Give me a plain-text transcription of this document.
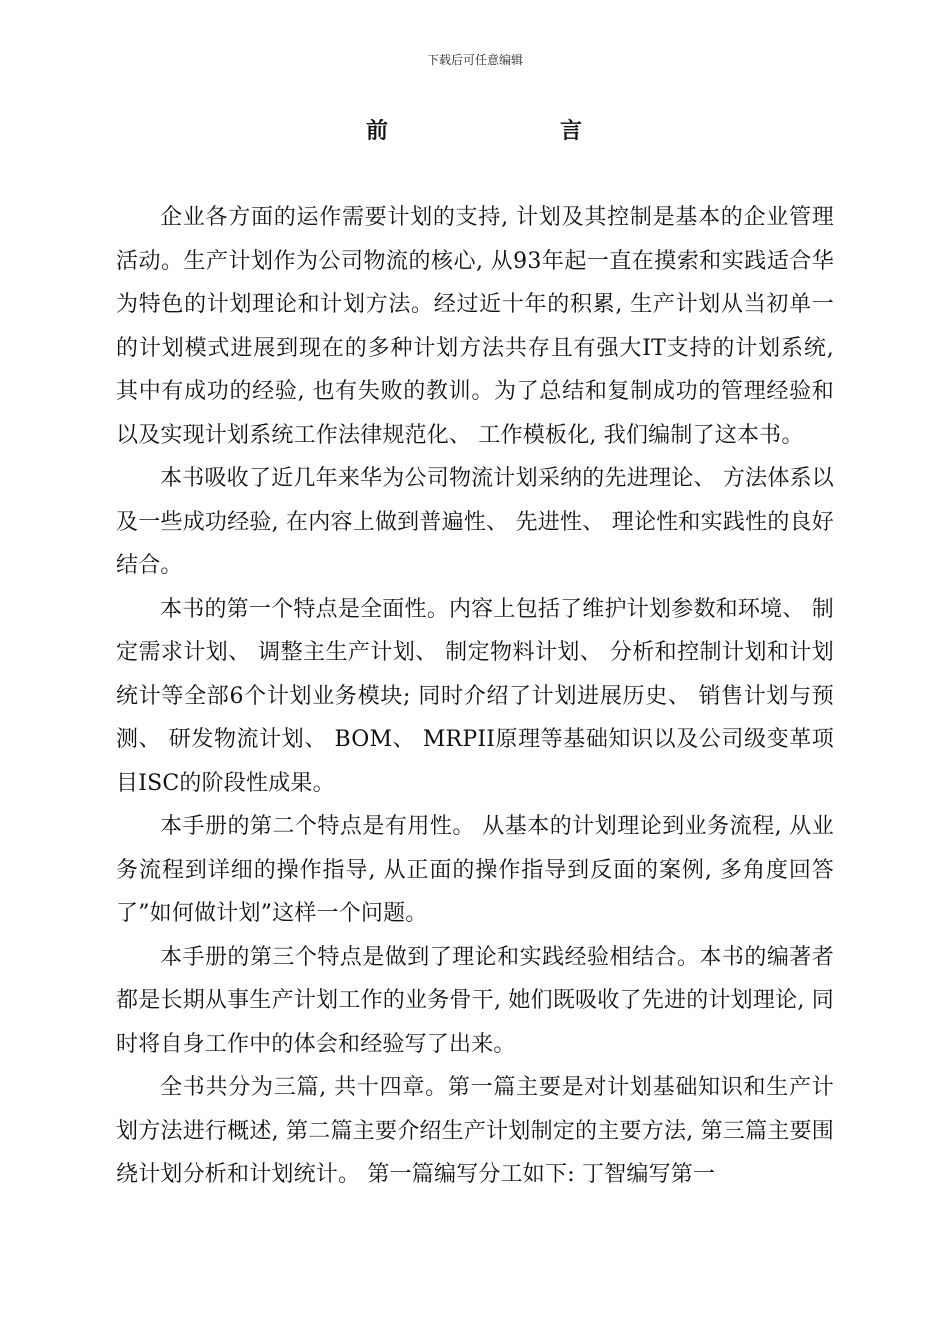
下载后可任意编辑
前	言

企业各方面的运作需要计划的支持, 计划及其控制是基本的企业管理活动。生产计划作为公司物流的核心, 从93年起一直在摸索和实践适合华为特色的计划理论和计划方法。经过近十年的积累, 生产计划从当初单一的计划模式进展到现在的多种计划方法共存且有强大IT支持的计划系统, 其中有成功的经验, 也有失败的教训。为了总结和复制成功的管理经验和以及实现计划系统工作法律规范化、 工作模板化, 我们编制了这本书。

本书吸收了近几年来华为公司物流计划采纳的先进理论、 方法体系以及一些成功经验, 在内容上做到普遍性、 先进性、 理论性和实践性的良好结合。

本书的第一个特点是全面性。内容上包括了维护计划参数和环境、 制定需求计划、 调整主生产计划、 制定物料计划、 分析和控制计划和计划统计等全部6个计划业务模块; 同时介绍了计划进展历史、 销售计划与预测、 研发物流计划、 BOM、 MRPII原理等基础知识以及公司级变革项目ISC的阶段性成果。

本手册的第二个特点是有用性。 从基本的计划理论到业务流程, 从业务流程到详细的操作指导, 从正面的操作指导到反面的案例, 多角度回答了”如何做计划”这样一个问题。

本手册的第三个特点是做到了理论和实践经验相结合。本书的编著者都是长期从事生产计划工作的业务骨干, 她们既吸收了先进的计划理论, 同时将自身工作中的体会和经验写了出来。

全书共分为三篇, 共十四章。第一篇主要是对计划基础知识和生产计划方法进行概述, 第二篇主要介绍生产计划制定的主要方法, 第三篇主要围绕计划分析和计划统计。 第一篇编写分工如下: 丁智编写第一
